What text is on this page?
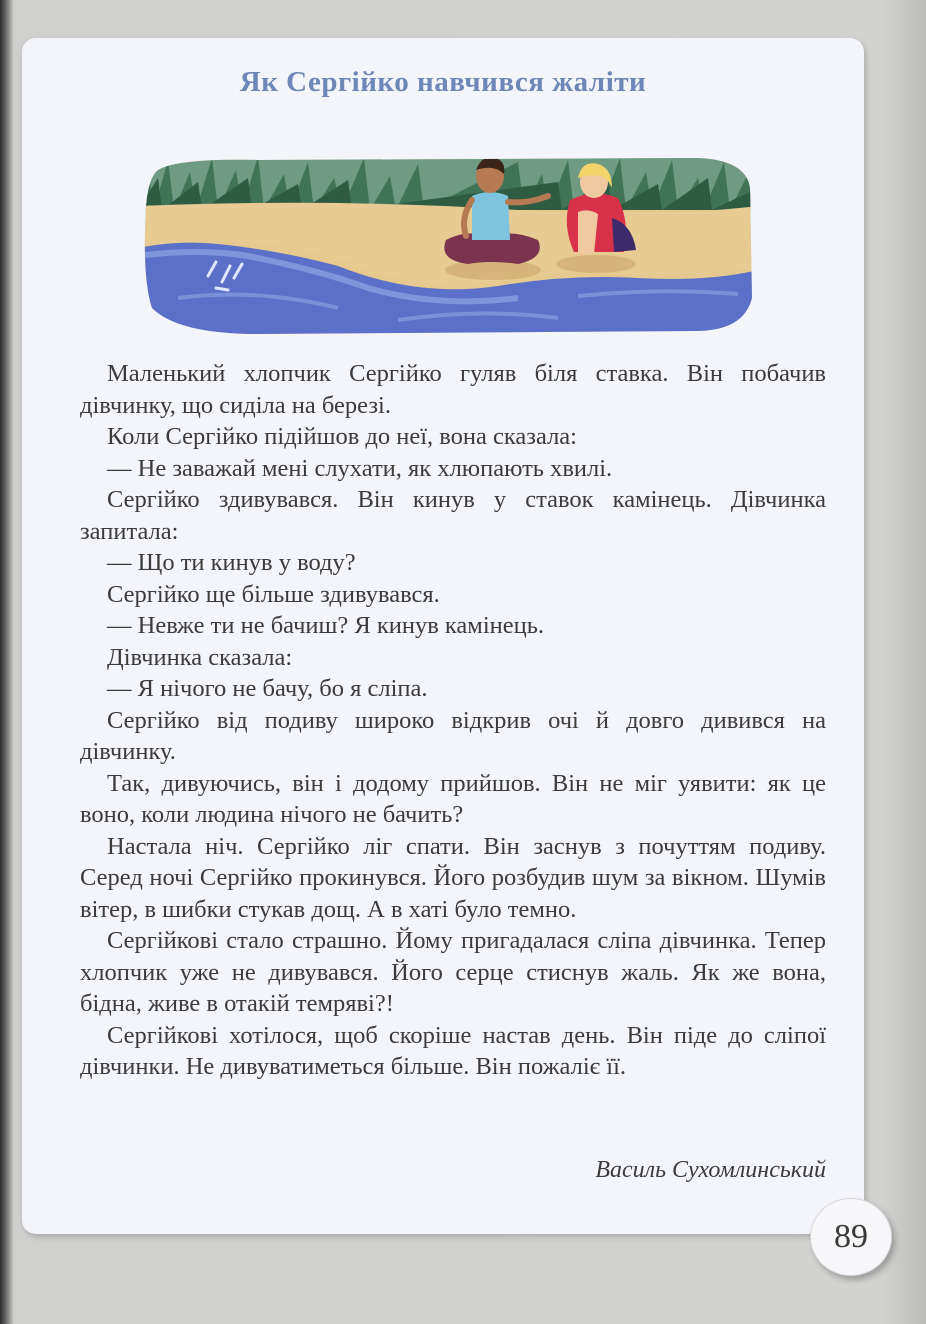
Як Сергійко навчився жаліти

Маленький хлопчик Сергійко гуляв біля ставка. Він побачив дівчинку, що сиділа на березі.

Коли Сергійко підійшов до неї, вона сказала:

— Не заважай мені слухати, як хлюпають хвилі.

Сергійко здивувався. Він кинув у ставок камінець. Дівчинка запитала:

— Що ти кинув у воду?

Сергійко ще більше здивувався.

— Невже ти не бачиш? Я кинув камінець.

Дівчинка сказала:

— Я нічого не бачу, бо я сліпа.

Сергійко від подиву широко відкрив очі й довго дивився на дівчинку.

Так, дивуючись, він і додому прийшов. Він не міг уявити: як це воно, коли людина нічого не бачить?

Настала ніч. Сергійко ліг спати. Він заснув з почуттям подиву. Серед ночі Сергійко прокинувся. Його розбудив шум за вікном. Шумів вітер, в шибки стукав дощ. А в хаті було темно.

Сергійкові стало страшно. Йому пригадалася сліпа дівчинка. Тепер хлопчик уже не дивувався. Його серце стиснув жаль. Як же вона, бідна, живе в отакій темряві?!

Сергійкові хотілося, щоб скоріше настав день. Він піде до сліпої дівчинки. Не дивуватиметься більше. Він пожаліє її.

Василь Сухомлинський
89
